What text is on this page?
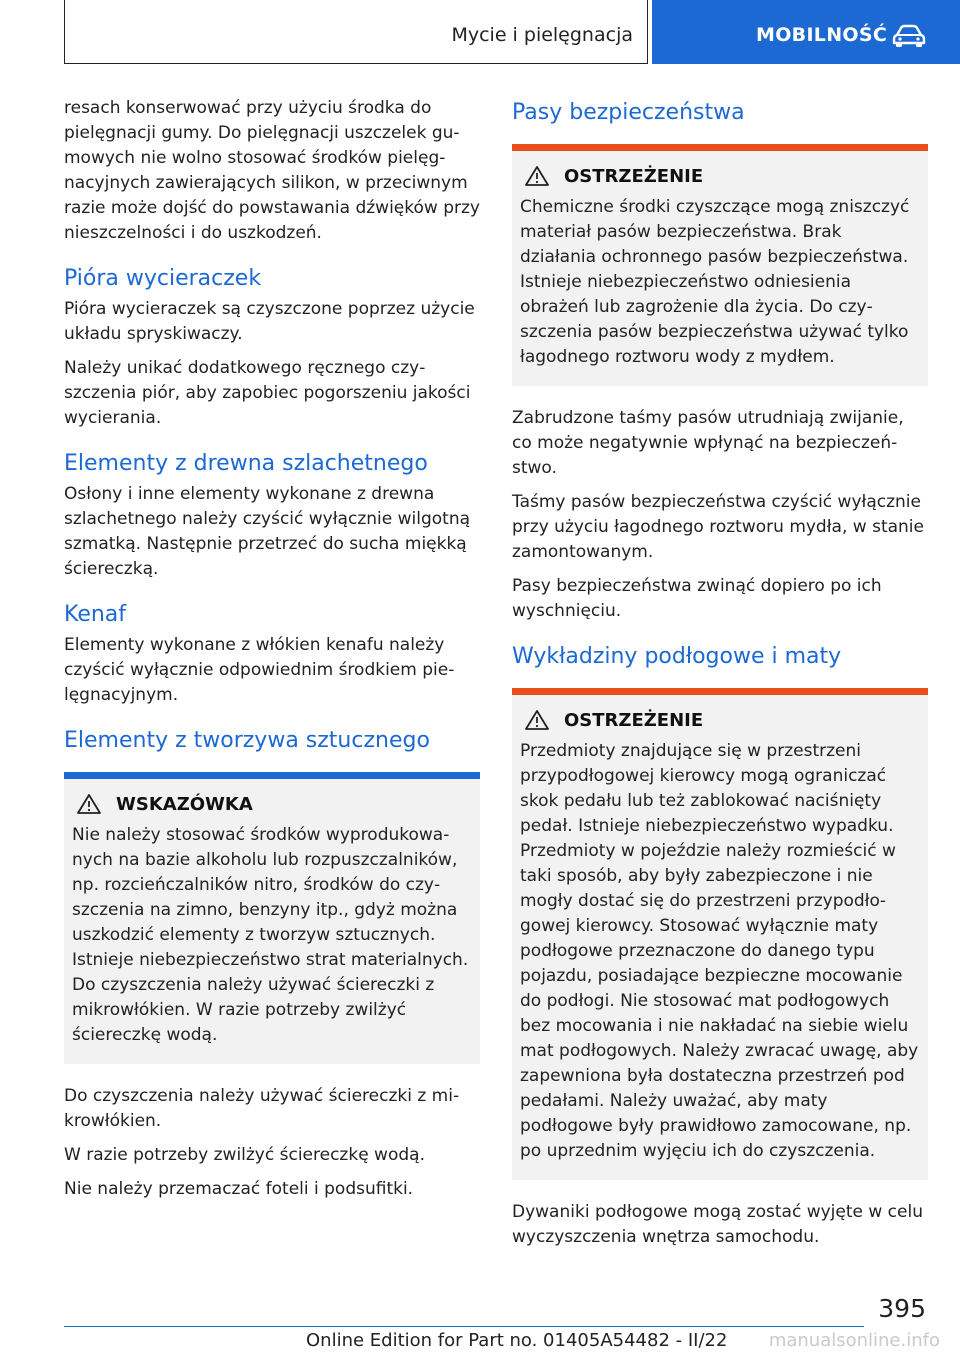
Mycie i pielęgnacja	MOBILNOŚĆ

resach konserwować przy użyciu środka do pielęgnacji gumy. Do pielęgnacji uszczelek gumowych nie wolno stosować środków pielęgnacyjnych zawierających silikon, w przeciwnym razie może dojść do powstawania dźwięków przy nieszczelności i do uszkodzeń.

Pióra wycieraczek

Pióra wycieraczek są czyszczone poprzez użycie układu spryskiwaczy.

Należy unikać dodatkowego ręcznego czyszczenia piór, aby zapobiec pogorszeniu jakości wycierania.

Elementy z drewna szlachetnego

Osłony i inne elementy wykonane z drewna szlachetnego należy czyścić wyłącznie wilgotną szmatką. Następnie przetrzeć do sucha miękką ściereczką.

Kenaf

Elementy wykonane z włókien kenafu należy czyścić wyłącznie odpowiednim środkiem pielęgnacyjnym.

Elementy z tworzywa sztucznego
WSKAZÓWKA

Nie należy stosować środków wyprodukowanych na bazie alkoholu lub rozpuszczalników, np. rozcieńczalników nitro, środków do czyszczenia na zimno, benzyny itp., gdyż można uszkodzić elementy z tworzyw sztucznych. Istnieje niebezpieczeństwo strat materialnych. Do czyszczenia należy używać ściereczki z mikrowłókien. W razie potrzeby zwilżyć ściereczkę wodą.

Do czyszczenia należy używać ściereczki z mikrowłókien.

W razie potrzeby zwilżyć ściereczkę wodą.

Nie należy przemaczać foteli i podsufitki.

Pasy bezpieczeństwa
OSTRZEŻENIE

Chemiczne środki czyszczące mogą zniszczyć materiał pasów bezpieczeństwa. Brak działania ochronnego pasów bezpieczeństwa. Istnieje niebezpieczeństwo odniesienia obrażeń lub zagrożenie dla życia. Do czyszczenia pasów bezpieczeństwa używać tylko łagodnego roztworu wody z mydłem.

Zabrudzone taśmy pasów utrudniają zwijanie, co może negatywnie wpłynąć na bezpieczeństwo.

Taśmy pasów bezpieczeństwa czyścić wyłącznie przy użyciu łagodnego roztworu mydła, w stanie zamontowanym.

Pasy bezpieczeństwa zwinąć dopiero po ich wyschnięciu.

Wykładziny podłogowe i maty
OSTRZEŻENIE

Przedmioty znajdujące się w przestrzeni przypodłogowej kierowcy mogą ograniczać skok pedału lub też zablokować naciśnięty pedał. Istnieje niebezpieczeństwo wypadku. Przedmioty w pojeździe należy rozmieścić w taki sposób, aby były zabezpieczone i nie mogły dostać się do przestrzeni przypodłogowej kierowcy. Stosować wyłącznie maty podłogowe przeznaczone do danego typu pojazdu, posiadające bezpieczne mocowanie do podłogi. Nie stosować mat podłogowych bez mocowania i nie nakładać na siebie wielu mat podłogowych. Należy zwracać uwagę, aby zapewniona była dostateczna przestrzeń pod pedałami. Należy uważać, aby maty podłogowe były prawidłowo zamocowane, np. po uprzednim wyjęciu ich do czyszczenia.

Dywaniki podłogowe mogą zostać wyjęte w celu wyczyszczenia wnętrza samochodu.

395
Online Edition for Part no. 01405A54482 - II/22 manualsonline.info
